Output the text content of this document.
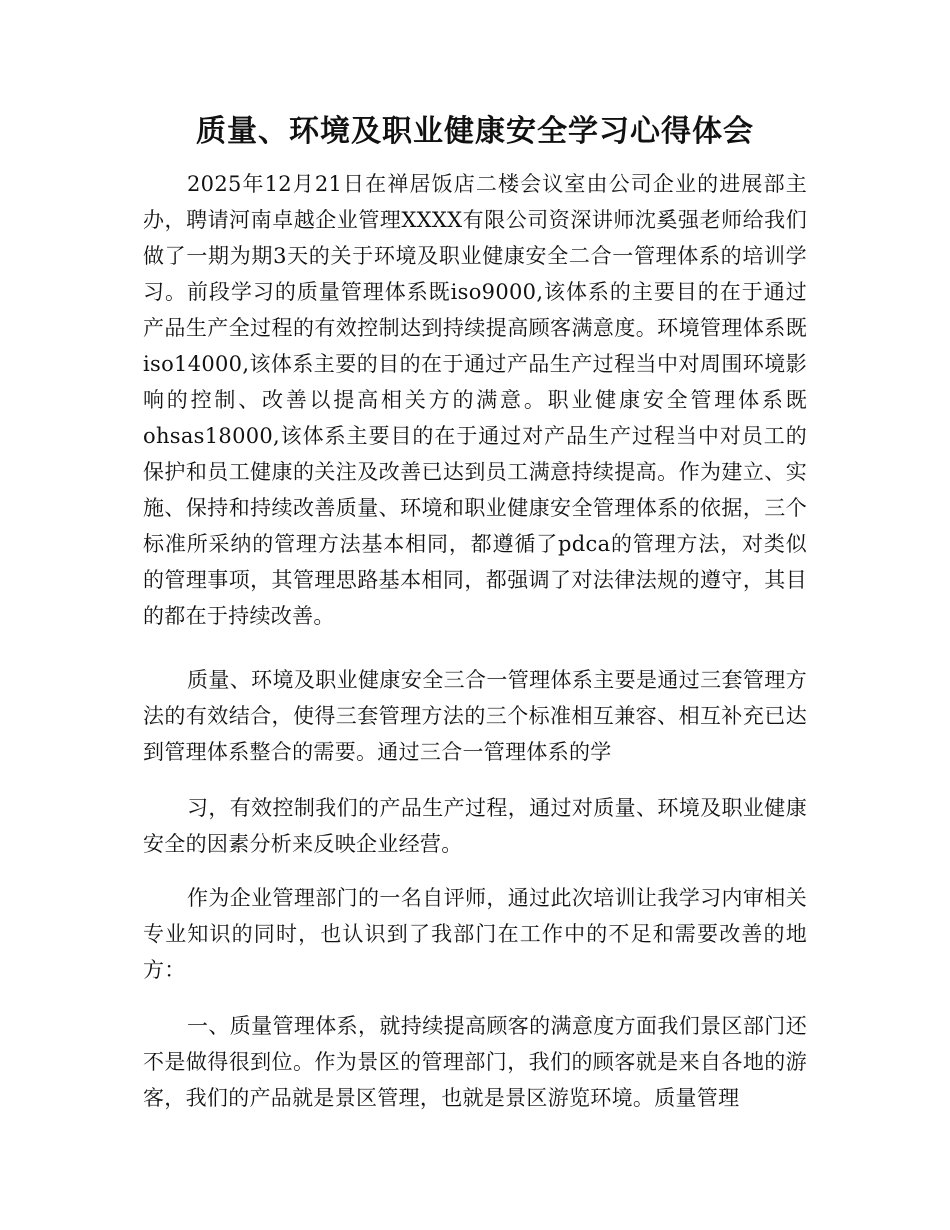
质量、环境及职业健康安全学习心得体会

2025年12月21日在禅居饭店二楼会议室由公司企业的进展部主办，聘请河南卓越企业管理XXXX有限公司资深讲师沈奚强老师给我们做了一期为期3天的关于环境及职业健康安全二合一管理体系的培训学习。前段学习的质量管理体系既iso9000,该体系的主要目的在于通过产品生产全过程的有效控制达到持续提高顾客满意度。环境管理体系既iso14000,该体系主要的目的在于通过产品生产过程当中对周围环境影响的控制、改善以提高相关方的满意。职业健康安全管理体系既ohsas18000,该体系主要目的在于通过对产品生产过程当中对员工的保护和员工健康的关注及改善已达到员工满意持续提高。作为建立、实施、保持和持续改善质量、环境和职业健康安全管理体系的依据，三个标准所采纳的管理方法基本相同，都遵循了pdca的管理方法，对类似的管理事项，其管理思路基本相同，都强调了对法律法规的遵守，其目的都在于持续改善。

质量、环境及职业健康安全三合一管理体系主要是通过三套管理方法的有效结合，使得三套管理方法的三个标准相互兼容、相互补充已达到管理体系整合的需要。通过三合一管理体系的学

习，有效控制我们的产品生产过程，通过对质量、环境及职业健康安全的因素分析来反映企业经营。

作为企业管理部门的一名自评师，通过此次培训让我学习内审相关专业知识的同时，也认识到了我部门在工作中的不足和需要改善的地方：

一、质量管理体系，就持续提高顾客的满意度方面我们景区部门还不是做得很到位。作为景区的管理部门，我们的顾客就是来自各地的游客，我们的产品就是景区管理，也就是景区游览环境。质量管理
